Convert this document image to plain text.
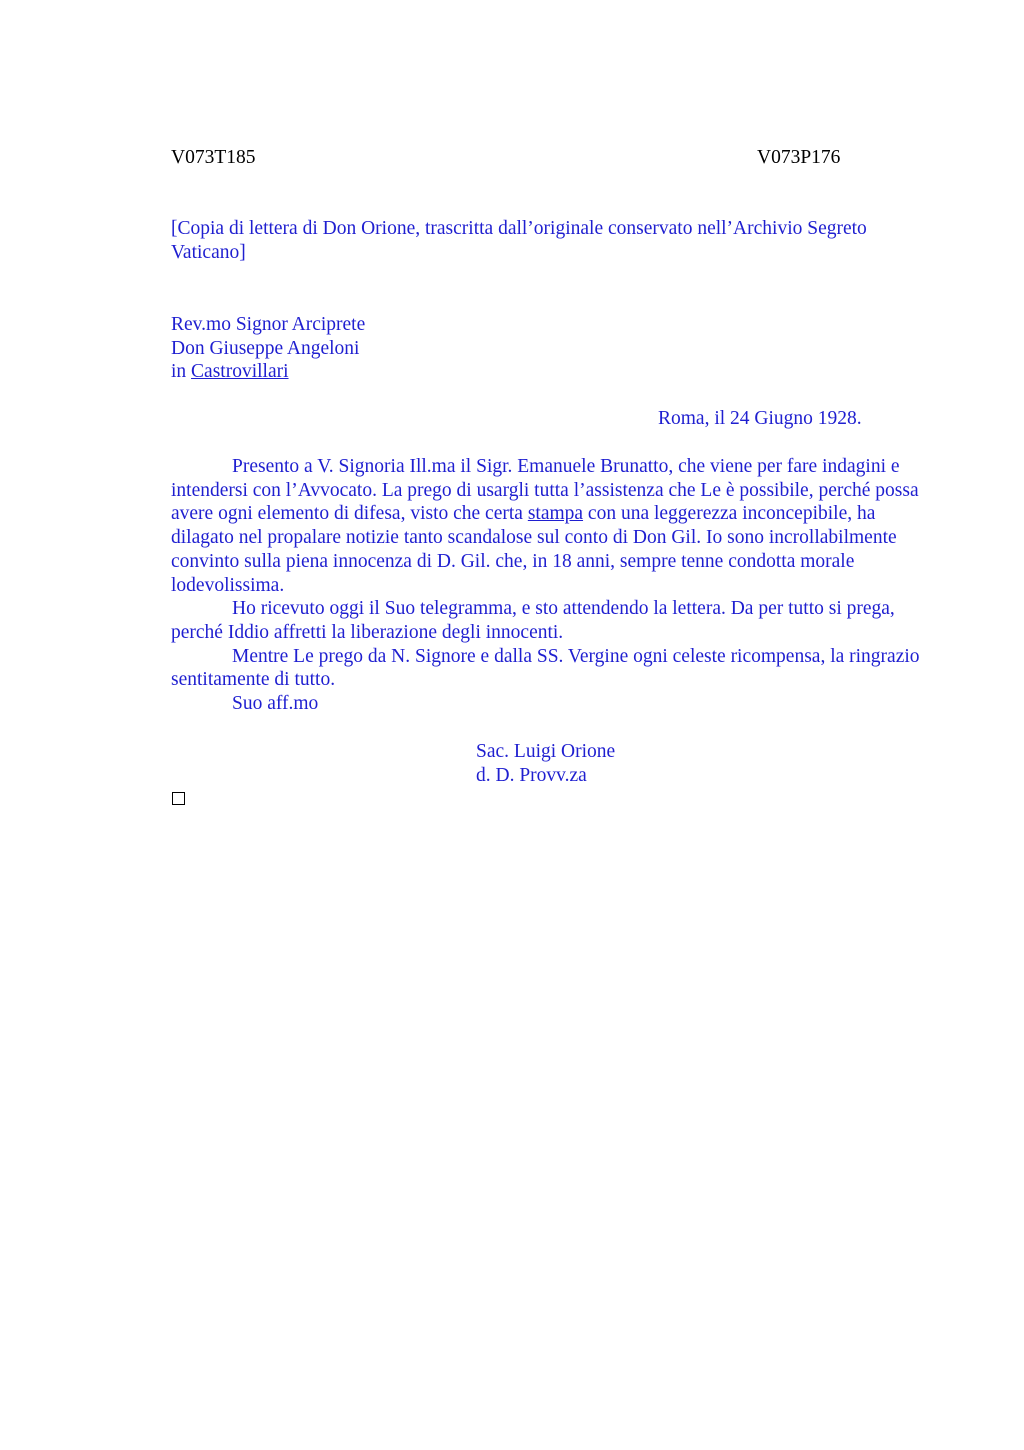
V073T185	V073P176
[Copia di lettera di Don Orione, trascritta dall’originale conservato nell’Archivio Segreto Vaticano]
Rev.mo Signor Arciprete
Don Giuseppe Angeloni
in Castrovillari
Roma, il 24 Giugno 1928.

Presento a V. Signoria Ill.ma il Sigr. Emanuele Brunatto, che viene per fare indagini e intendersi con l’Avvocato. La prego di usargli tutta l’assistenza che Le è possibile, perché possa avere ogni elemento di difesa, visto che certa stampa con una leggerezza inconcepibile, ha dilagato nel propalare notizie tanto scandalose sul conto di Don Gil. Io sono incrollabilmente convinto sulla piena innocenza di D. Gil. che, in 18 anni, sempre tenne condotta morale lodevolissima.

Ho ricevuto oggi il Suo telegramma, e sto attendendo la lettera. Da per tutto si prega, perché Iddio affretti la liberazione degli innocenti.

Mentre Le prego da N. Signore e dalla SS. Vergine ogni celeste ricompensa, la ringrazio sentitamente di tutto.

Suo aff.mo

Sac. Luigi Orione
d. D. Provv.za
